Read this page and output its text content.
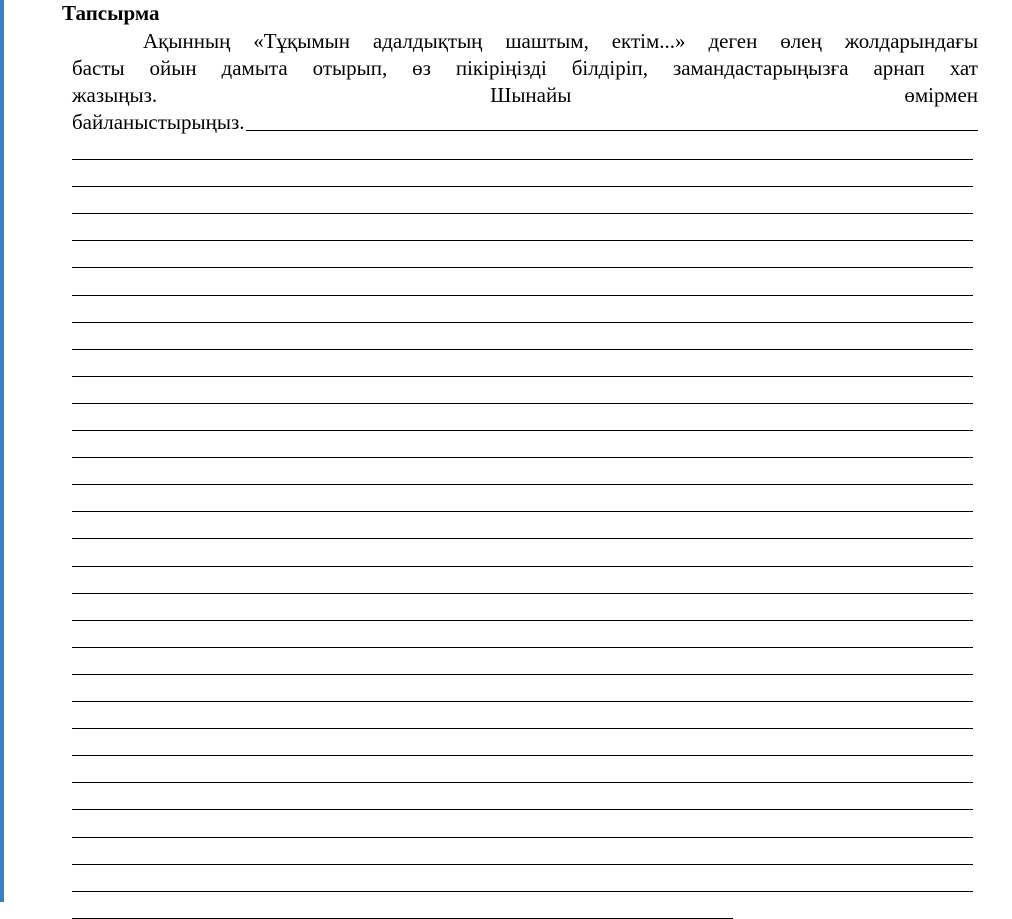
Тапсырма
Ақынның «Тұқымын адалдықтың шаштым, ектім...» деген өлең жолдарындағы
басты ойын дамыта отырып, өз пікіріңізді білдіріп, замандастарыңызға арнап хат
жазыңыз.	Шынайы	өмірмен
байланыстырыңыз.
